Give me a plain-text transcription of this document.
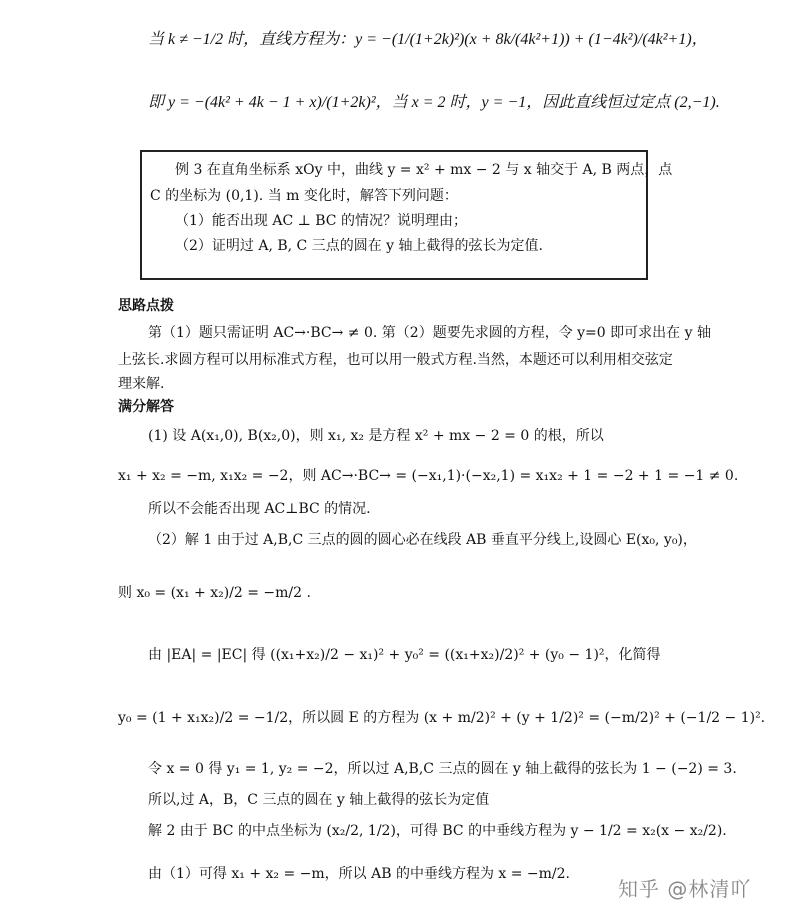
当 k ≠ −1/2 时，直线方程为：y = −(1/(1+2k)²)(x + 8k/(4k²+1)) + (1−4k²)/(4k²+1)，
即 y = −(4k² + 4k − 1 + x)/(1+2k)²，当 x = 2 时，y = −1，因此直线恒过定点 (2,−1).
例 3 在直角坐标系 xOy 中，曲线 y = x² + mx − 2 与 x 轴交于 A, B 两点，点
C 的坐标为 (0,1). 当 m 变化时，解答下列问题：
（1）能否出现 AC ⊥ BC 的情况？说明理由；
（2）证明过 A, B, C 三点的圆在 y 轴上截得的弦长为定值.
思路点拨
第（1）题只需证明 AC→·BC→ ≠ 0. 第（2）题要先求圆的方程，令 y=0 即可求出在 y 轴
上弦长.求圆方程可以用标准式方程，也可以用一般式方程.当然，本题还可以利用相交弦定
理来解.
满分解答
(1) 设 A(x₁,0), B(x₂,0)，则 x₁, x₂ 是方程 x² + mx − 2 = 0 的根，所以
x₁ + x₂ = −m, x₁x₂ = −2，则 AC→·BC→ = (−x₁,1)·(−x₂,1) = x₁x₂ + 1 = −2 + 1 = −1 ≠ 0.
所以不会能否出现 AC⊥BC 的情况.
（2）解 1 由于过 A,B,C 三点的圆的圆心必在线段 AB 垂直平分线上,设圆心 E(x₀, y₀)，
则 x₀ = (x₁ + x₂)/2 = −m/2 .
由 |EA| = |EC| 得 ((x₁+x₂)/2 − x₁)² + y₀² = ((x₁+x₂)/2)² + (y₀ − 1)²，化简得
y₀ = (1 + x₁x₂)/2 = −1/2，所以圆 E 的方程为 (x + m/2)² + (y + 1/2)² = (−m/2)² + (−1/2 − 1)².
令 x = 0 得 y₁ = 1, y₂ = −2，所以过 A,B,C 三点的圆在 y 轴上截得的弦长为 1 − (−2) = 3.
所以,过 A，B，C 三点的圆在 y 轴上截得的弦长为定值
解 2 由于 BC 的中点坐标为 (x₂/2, 1/2)，可得 BC 的中垂线方程为 y − 1/2 = x₂(x − x₂/2).
由（1）可得 x₁ + x₂ = −m，所以 AB 的中垂线方程为 x = −m/2.
知乎 @林清吖
